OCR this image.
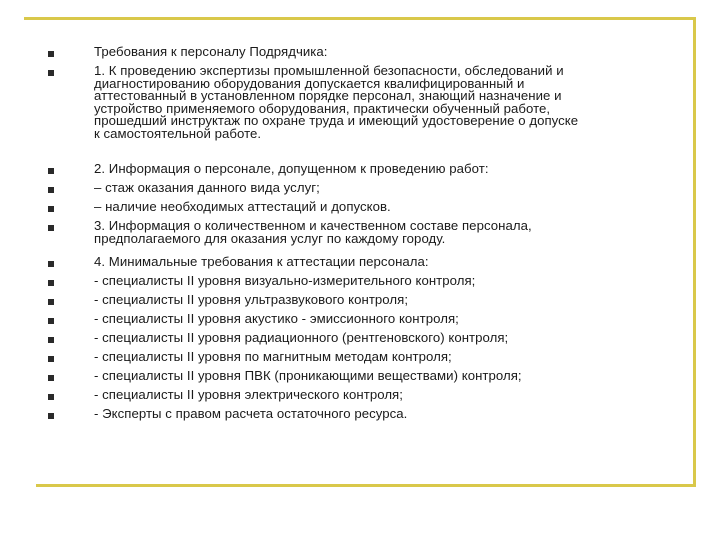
Требования к персоналу Подрядчика:
1. К проведению экспертизы промышленной безопасности, обследований и
диагностированию оборудования допускается квалифицированный и
аттестованный в установленном порядке персонал, знающий назначение и
устройство применяемого оборудования, практически обученный работе,
прошедший инструктаж по охране труда и имеющий удостоверение о допуске
к самостоятельной работе.
2. Информация о персонале, допущенном к проведению работ:
– стаж оказания данного вида услуг;
– наличие необходимых аттестаций и допусков.
3. Информация о количественном и качественном составе персонала,
предполагаемого для оказания услуг по каждому городу.
4. Минимальные требования к аттестации персонала:
- специалисты II уровня визуально-измерительного контроля;
- специалисты II уровня ультразвукового контроля;
- специалисты II уровня акустико - эмиссионного контроля;
- специалисты II уровня радиационного (рентгеновского) контроля;
- специалисты II уровня по магнитным методам контроля;
- специалисты II уровня ПВК (проникающими веществами) контроля;
- специалисты II уровня электрического контроля;
- Эксперты с правом расчета остаточного ресурса.
